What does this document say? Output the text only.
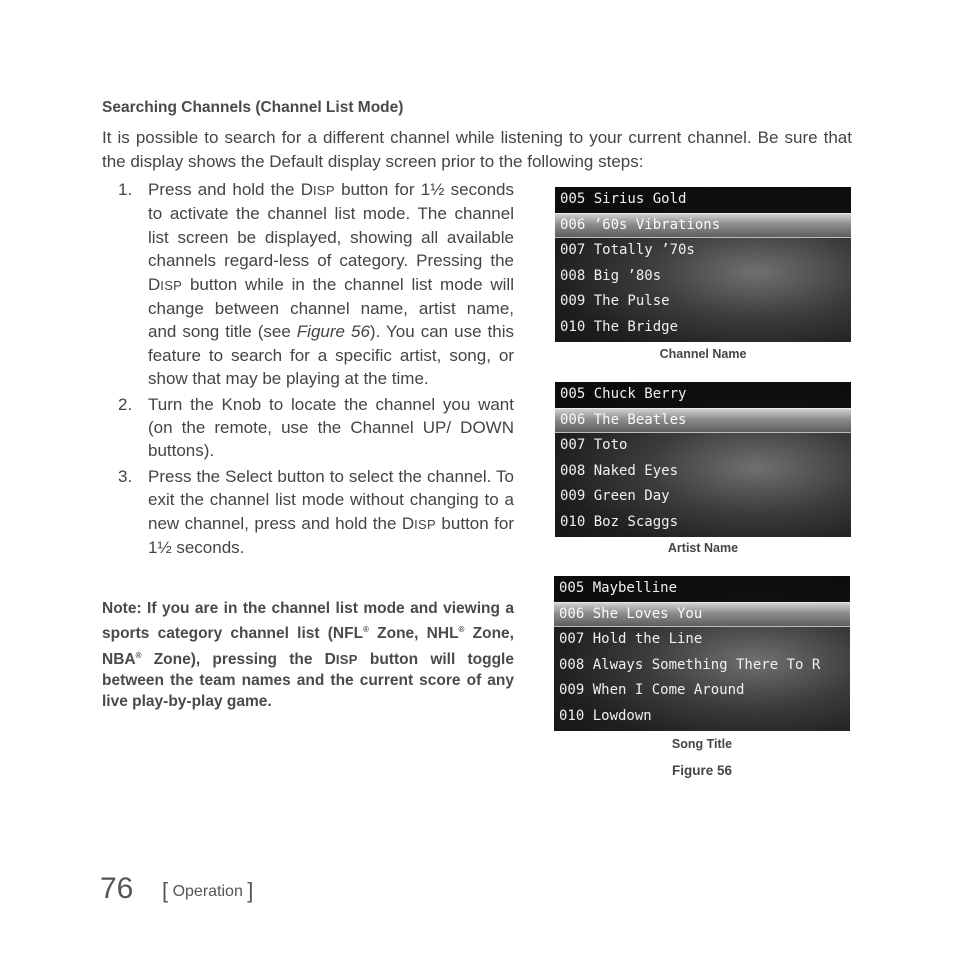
Searching Channels (Channel List Mode)
It is possible to search for a different channel while listening to your current channel. Be sure that the display shows the Default display screen prior to the following steps:
1. Press and hold the DISP button for 1½ seconds to activate the channel list mode. The channel list screen be displayed, showing all available channels regard-less of category. Pressing the DISP button while in the channel list mode will change between channel name, artist name, and song title (see Figure 56). You can use this feature to search for a specific artist, song, or show that may be playing at the time.
2. Turn the Knob to locate the channel you want (on the remote, use the Channel UP/ DOWN buttons).
3. Press the Select button to select the channel. To exit the channel list mode without changing to a new channel, press and hold the DISP button for 1½ seconds.
Note: If you are in the channel list mode and viewing a sports category channel list (NFL® Zone, NHL® Zone, NBA® Zone), pressing the DISP button will toggle between the team names and the current score of any live play-by-play game.
005 Sirius Gold
006 ’60s Vibrations
007 Totally ’70s
008 Big ’80s
009 The Pulse
010 The Bridge
Channel Name
005 Chuck Berry
006 The Beatles
007 Toto
008 Naked Eyes
009 Green Day
010 Boz Scaggs
Artist Name
005 Maybelline
006 She Loves You
007 Hold the Line
008 Always Something There To R
009 When I Come Around
010 Lowdown
Song Title
Figure 56
76 [ Operation ]
